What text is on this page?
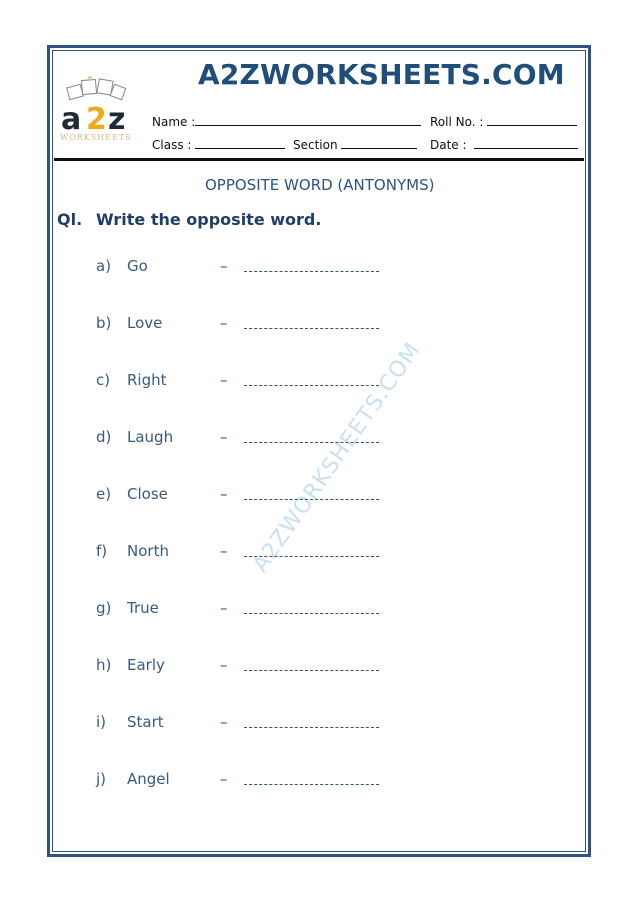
a 2 z
WORKSHEETS
A2ZWORKSHEETS.COM
Name :	Roll No. :
Class :	Section	Date :
OPPOSITE WORD (ANTONYMS)
Ql. Write the opposite word.
A2ZWORKSHEETS.COM
a) Go	–
b) Love	–
c) Right	–
d) Laugh	–
e) Close	–
f) North	–
g) True	–
h) Early	–
i) Start	–
j) Angel	–
